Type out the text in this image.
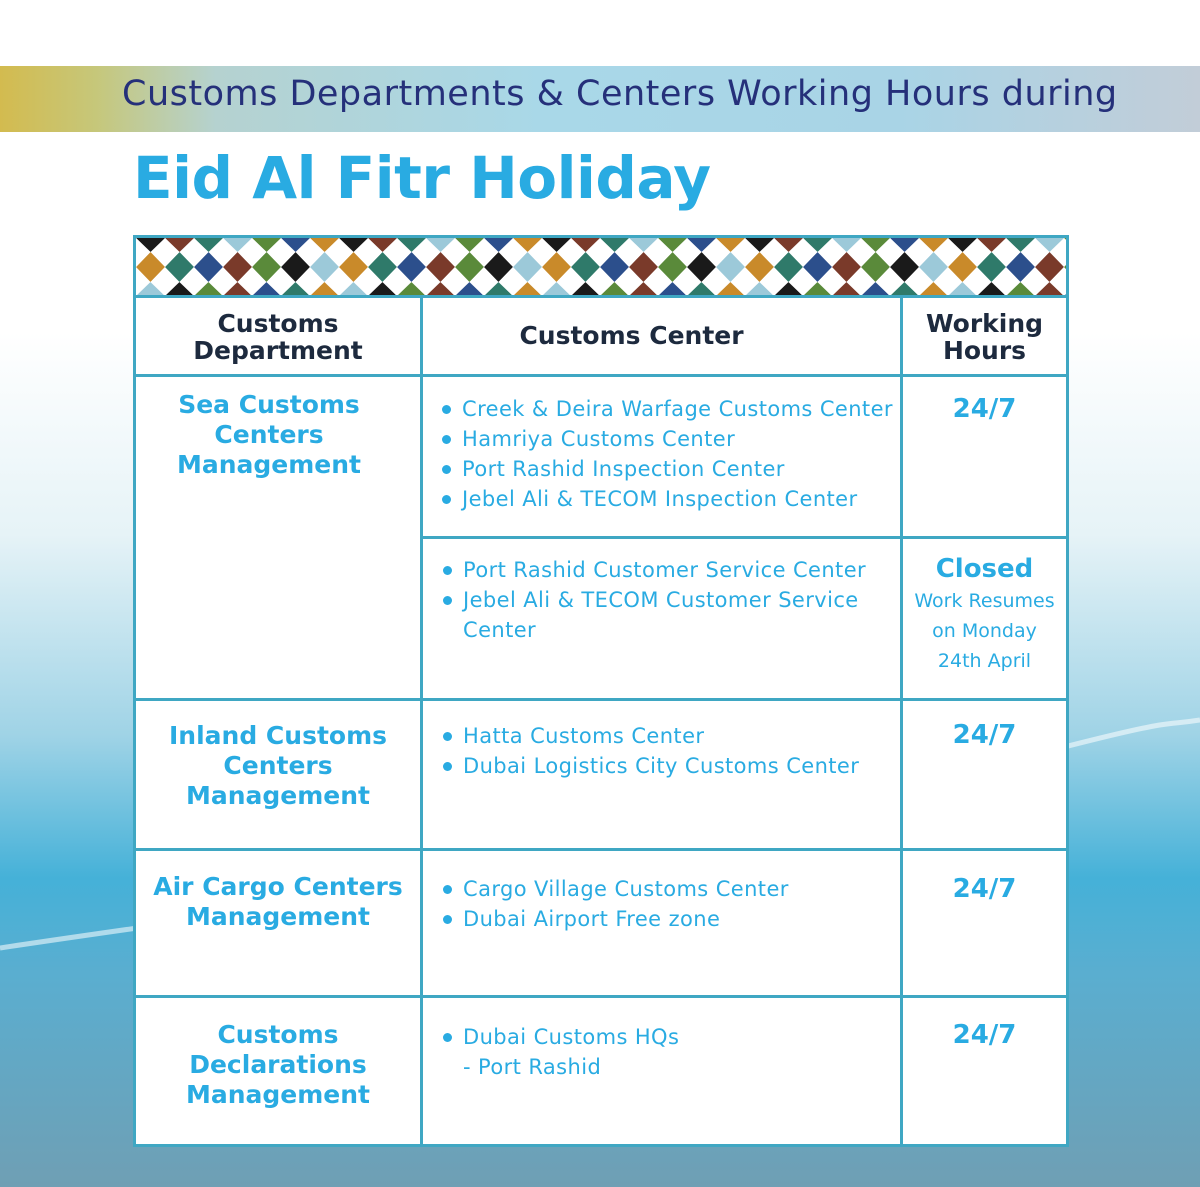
Customs Departments & Centers Working Hours during
Eid Al Fitr Holiday
Customs
Department
Customs Center	Working
Hours
Sea Customs
Centers
Management
Creek & Deira Warfage Customs Center
Hamriya Customs Center
Port Rashid Inspection Center
Jebel Ali & TECOM Inspection Center
24/7
Port Rashid Customer Service Center
Jebel Ali & TECOM Customer Service
Center
Closed
Work Resumes
on Monday
24th April
Inland Customs
Centers
Management
Hatta Customs Center
Dubai Logistics City Customs Center
24/7
Air Cargo Centers
Management
Cargo Village Customs Center
Dubai Airport Free zone
24/7
Customs
Declarations
Management
Dubai Customs HQs
- Port Rashid
24/7
